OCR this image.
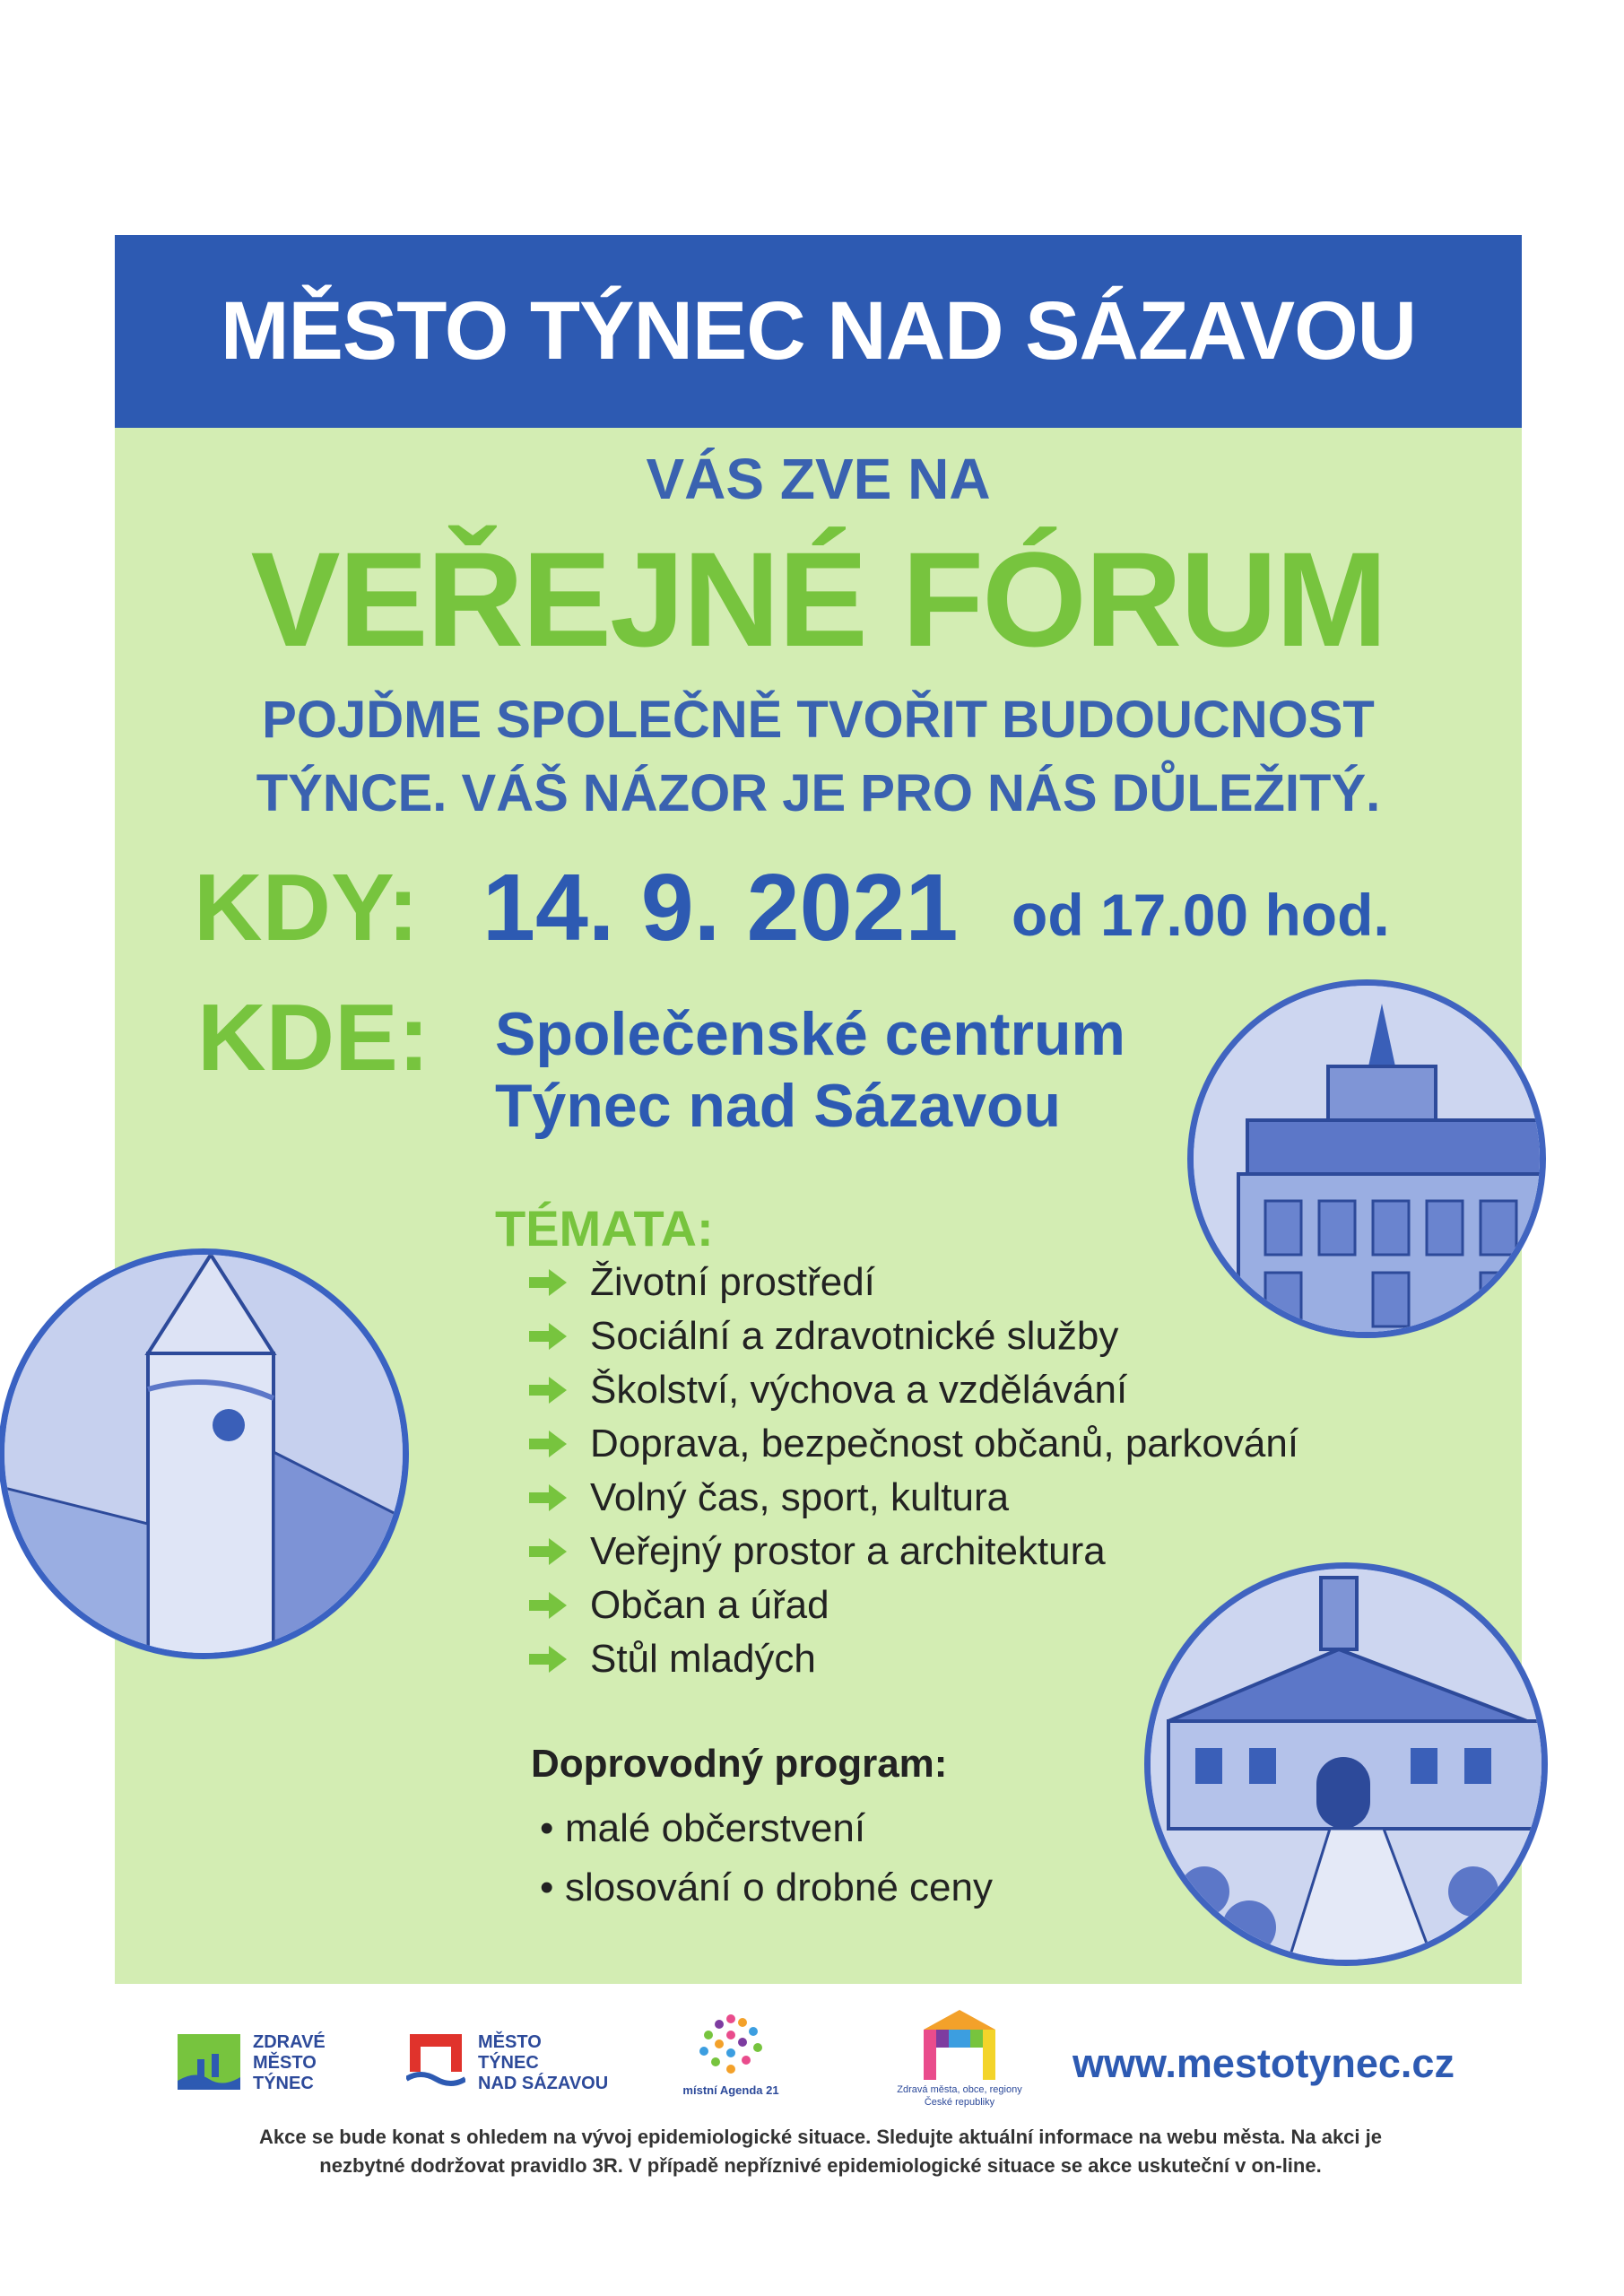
MĚSTO TÝNEC NAD SÁZAVOU
VÁS ZVE NA
VEŘEJNÉ FÓRUM
POJĎME SPOLEČNĚ TVOŘIT BUDOUCNOST
TÝNCE. VÁŠ NÁZOR JE PRO NÁS DŮLEŽITÝ.
KDY: 14. 9. 2021 od 17.00 hod.
KDE: Společenské centrum
Týnec nad Sázavou
TÉMATA:
Životní prostředí
Sociální a zdravotnické služby
Školství, výchova a vzdělávání
Doprava, bezpečnost občanů, parkování
Volný čas, sport, kultura
Veřejný prostor a architektura
Občan a úřad
Stůl mladých
Doprovodný program:
• malé občerstvení
• slosování o drobné ceny
ZDRAVÉ
MĚSTO
TÝNEC
MĚSTO
TÝNEC
NAD SÁZAVOU	místní Agenda 21	Zdravá města, obce, regiony
České republiky
www.mestotynec.cz
Akce se bude konat s ohledem na vývoj epidemiologické situace. Sledujte aktuální informace na webu města. Na akci je
nezbytné dodržovat pravidlo 3R. V případě nepříznivé epidemiologické situace se akce uskuteční v on-line.
